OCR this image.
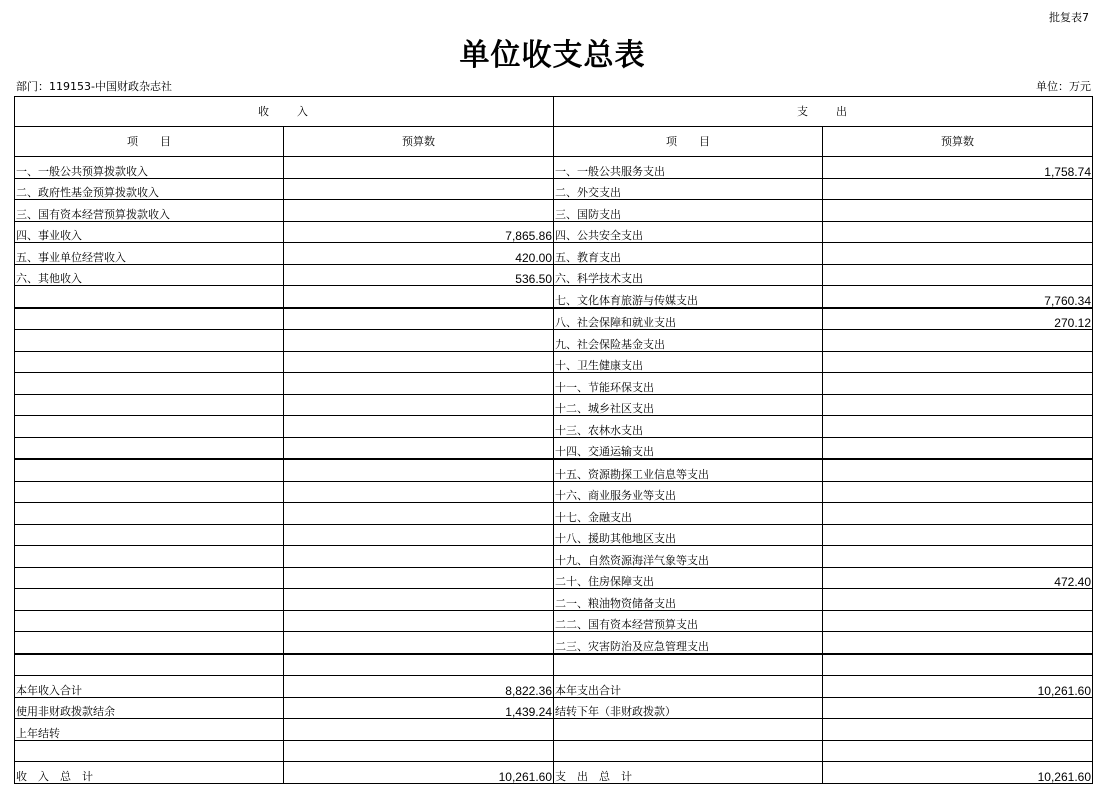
批复表7
单位收支总表
部门：119153-中国财政杂志社	单位：万元
收　　入		支　　出	
项　　目	预算数	项　　目	预算数
一、一般公共预算拨款收入		一、一般公共服务支出	1,758.74
二、政府性基金预算拨款收入		二、外交支出	
三、国有资本经营预算拨款收入		三、国防支出	
四、事业收入	7,865.86	四、公共安全支出	
五、事业单位经营收入	420.00	五、教育支出	
六、其他收入	536.50	六、科学技术支出	
		七、文化体育旅游与传媒支出	7,760.34
		八、社会保障和就业支出	270.12
		九、社会保险基金支出	
		十、卫生健康支出	
		十一、节能环保支出	
		十二、城乡社区支出	
		十三、农林水支出	
		十四、交通运输支出	
		十五、资源勘探工业信息等支出	
		十六、商业服务业等支出	
		十七、金融支出	
		十八、援助其他地区支出	
		十九、自然资源海洋气象等支出	
		二十、住房保障支出	472.40
		二一、粮油物资储备支出	
		二二、国有资本经营预算支出	
		二三、灾害防治及应急管理支出	

本年收入合计	8,822.36	本年支出合计	10,261.60
使用非财政拨款结余	1,439.24	结转下年（非财政拨款）	
上年结转			

收　入　总　计	10,261.60	支　出　总　计	10,261.60
